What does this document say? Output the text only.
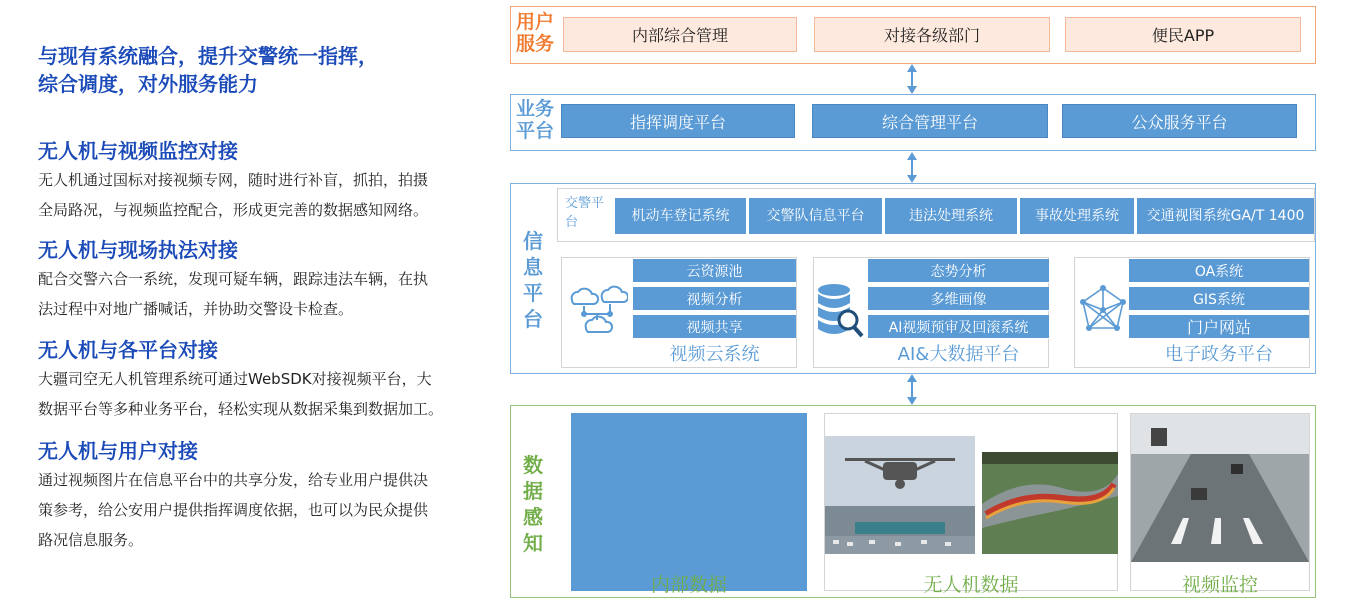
与现有系统融合，提升交警统一指挥，
综合调度，对外服务能力
无人机与视频监控对接
无人机通过国标对接视频专网，随时进行补盲，抓拍，拍摄
全局路况，与视频监控配合，形成更完善的数据感知网络。
无人机与现场执法对接
配合交警六合一系统，发现可疑车辆，跟踪违法车辆，在执
法过程中对地广播喊话，并协助交警设卡检查。
无人机与各平台对接
大疆司空无人机管理系统可通过WebSDK对接视频平台，大
数据平台等多种业务平台，轻松实现从数据采集到数据加工。
无人机与用户对接
通过视频图片在信息平台中的共享分发，给专业用户提供决
策参考，给公安用户提供指挥调度依据，也可以为民众提供
路况信息服务。
用户服务	内部综合管理	对接各级部门	便民APP
业务平台	指挥调度平台	综合管理平台	公众服务平台
信息平台
交警平台	机动车登记系统	交警队信息平台	违法处理系统	事故处理系统 交通视图系统GA/T 1400
云资源池
视频分析
视频共享
视频云系统
态势分析
多维画像
AI视频预审及回滚系统
AI&大数据平台
OA系统
GIS系统
门户网站
电子政务平台
数据感知
内部数据	无人机数据	视频监控
